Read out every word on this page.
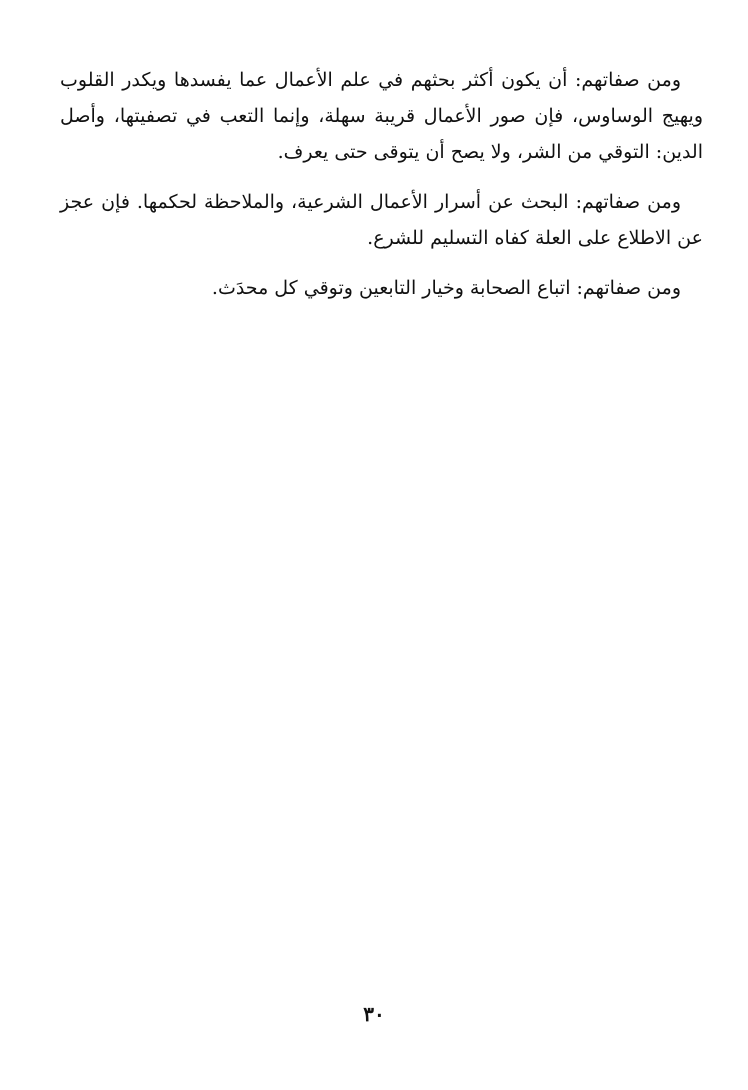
ومن صفاتهم: أن يكون أكثر بحثهم في علم الأعمال عما يفسدها ويكدر القلوب ويهيج الوساوس، فإن صور الأعمال قريبة سهلة، وإنما التعب في تصفيتها، وأصل الدين: التوقي من الشر، ولا يصح أن يتوقى حتى يعرف.

ومن صفاتهم: البحث عن أسرار الأعمال الشرعية، والملاحظة لحكمها. فإن عجز عن الاطلاع على العلة كفاه التسليم للشرع.

ومن صفاتهم: اتباع الصحابة وخيار التابعين وتوقي كل محدَث.

٣٠
